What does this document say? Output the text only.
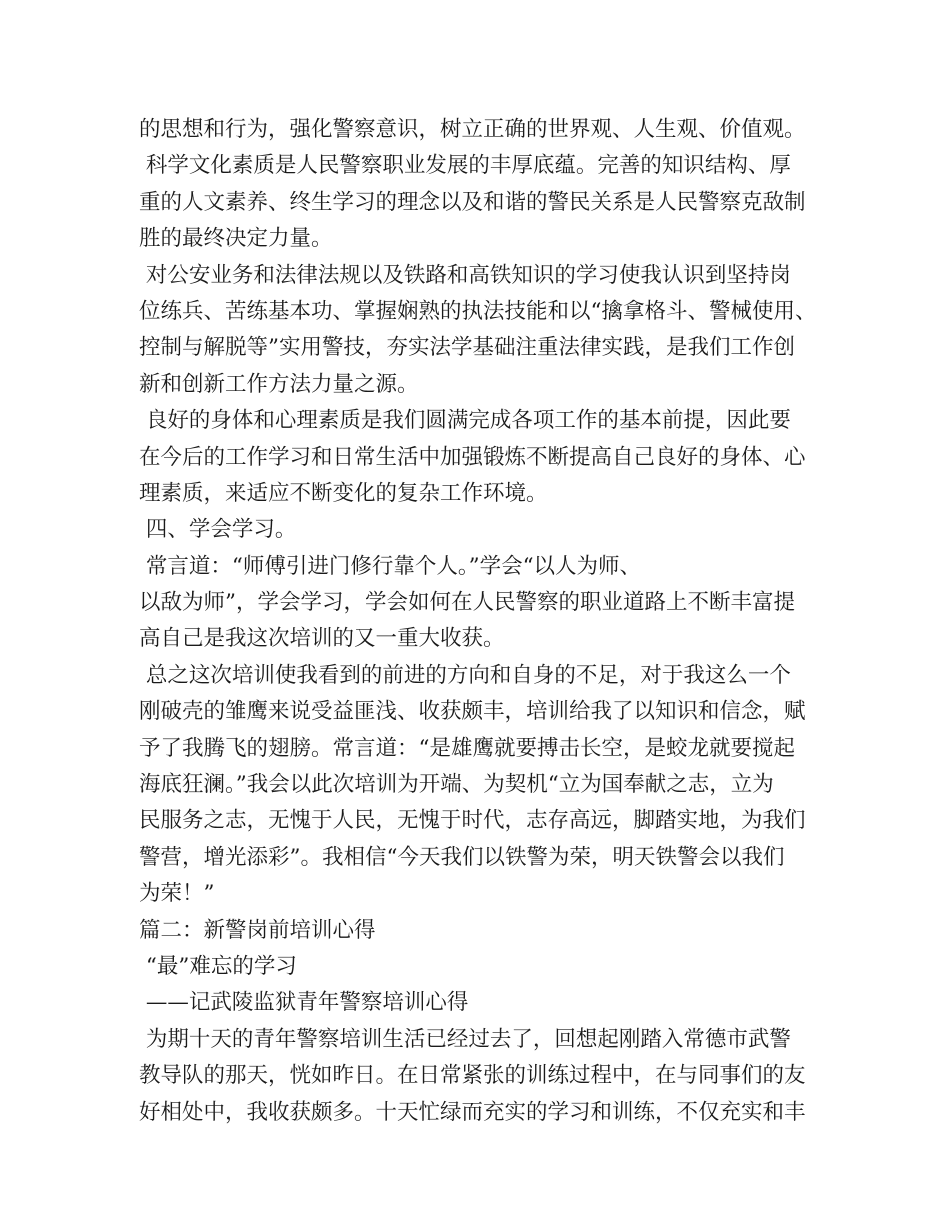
的思想和行为，强化警察意识，树立正确的世界观、人生观、价值观。
科学文化素质是人民警察职业发展的丰厚底蕴。完善的知识结构、厚
重的人文素养、终生学习的理念以及和谐的警民关系是人民警察克敌制
胜的最终决定力量。
对公安业务和法律法规以及铁路和高铁知识的学习使我认识到坚持岗
位练兵、苦练基本功、掌握娴熟的执法技能和以“擒拿格斗、警械使用、
控制与解脱等”实用警技，夯实法学基础注重法律实践，是我们工作创
新和创新工作方法力量之源。
良好的身体和心理素质是我们圆满完成各项工作的基本前提，因此要
在今后的工作学习和日常生活中加强锻炼不断提高自己良好的身体、心
理素质，来适应不断变化的复杂工作环境。
四、学会学习。
常言道：“师傅引进门修行靠个人。”学会“以人为师、
以敌为师”，学会学习，学会如何在人民警察的职业道路上不断丰富提
高自己是我这次培训的又一重大收获。
总之这次培训使我看到的前进的方向和自身的不足，对于我这么一个
刚破壳的雏鹰来说受益匪浅、收获颇丰，培训给我了以知识和信念，赋
予了我腾飞的翅膀。常言道：“是雄鹰就要搏击长空，是蛟龙就要搅起
海底狂澜。”我会以此次培训为开端、为契机“立为国奉献之志，立为
民服务之志，无愧于人民，无愧于时代，志存高远，脚踏实地，为我们
警营，增光添彩”。我相信“今天我们以铁警为荣，明天铁警会以我们
为荣！”
篇二：新警岗前培训心得
“最”难忘的学习
——记武陵监狱青年警察培训心得
为期十天的青年警察培训生活已经过去了，回想起刚踏入常德市武警
教导队的那天，恍如昨日。在日常紧张的训练过程中，在与同事们的友
好相处中，我收获颇多。十天忙绿而充实的学习和训练，不仅充实和丰
